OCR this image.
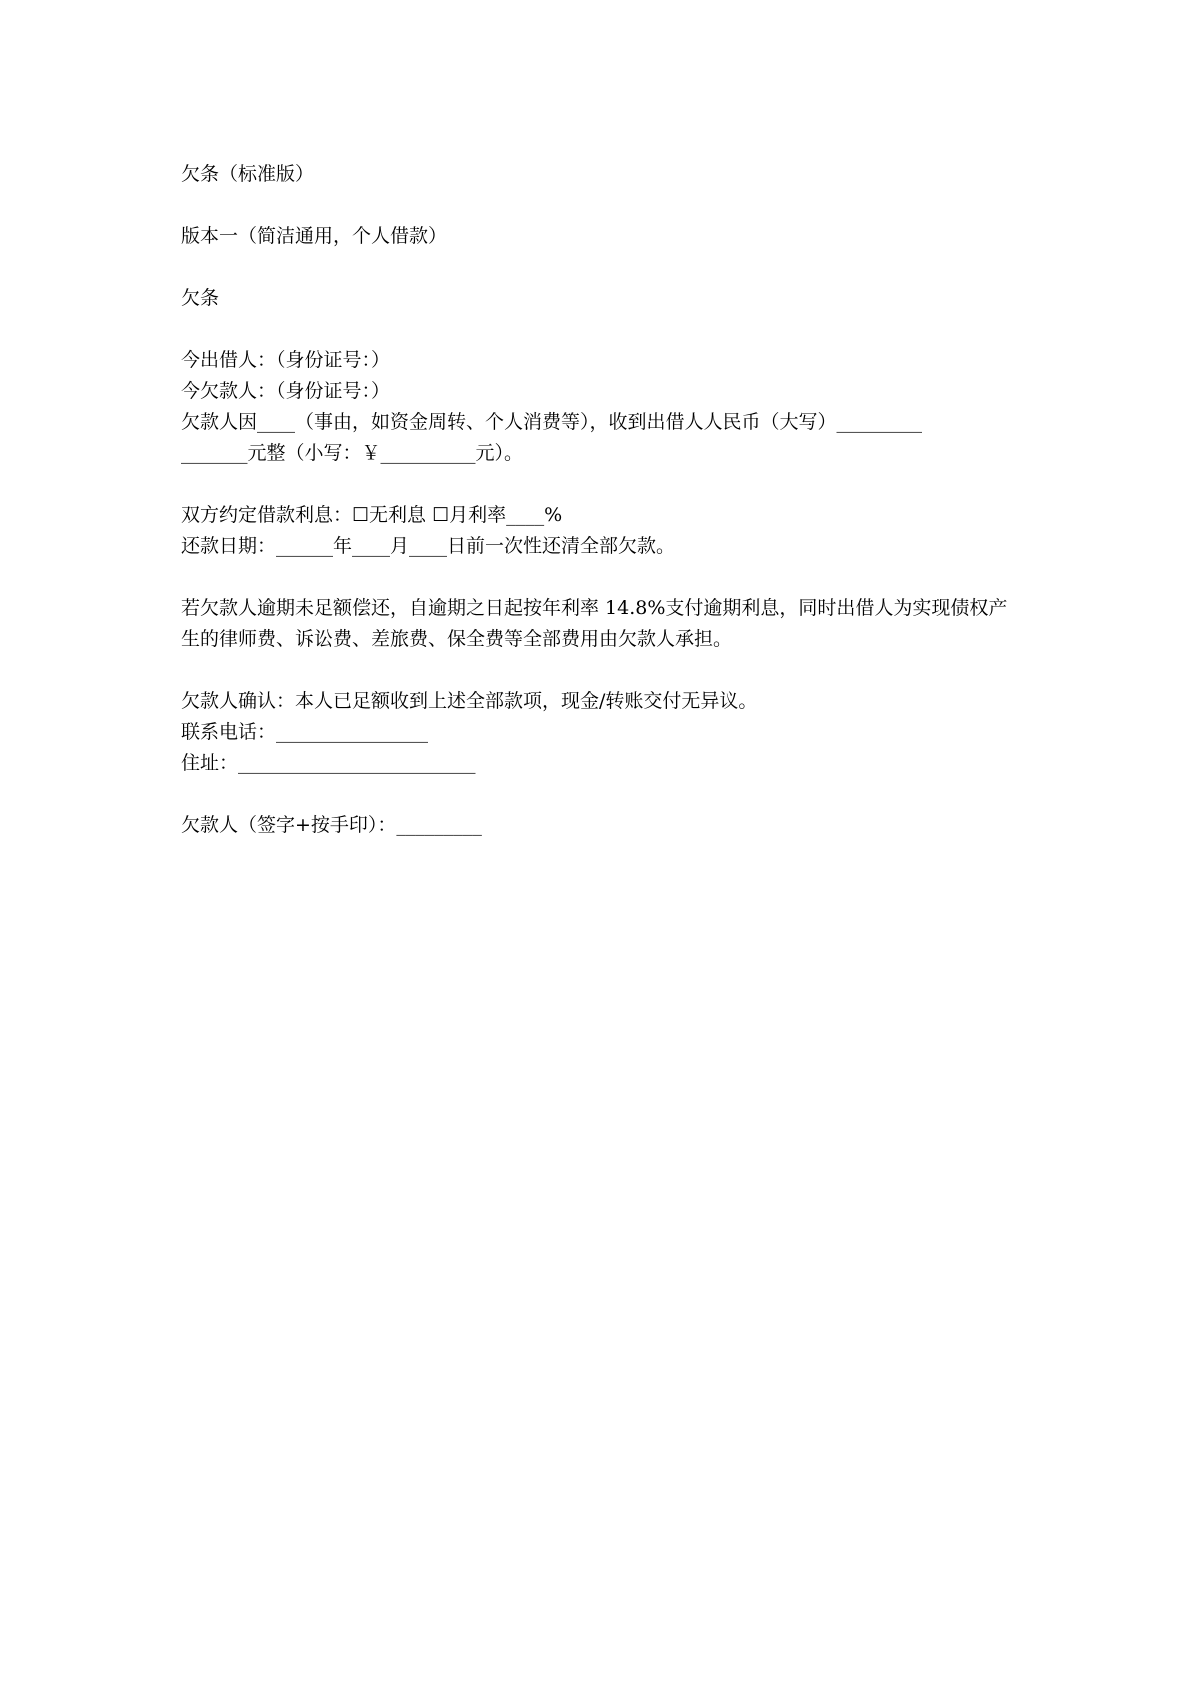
欠条（标准版）
版本一（简洁通用，个人借款）
欠条
今出借人：（身份证号：）
今欠款人：（身份证号：）
欠款人因____（事由，如资金周转、个人消费等），收到出借人人民币（大写）_________
_______元整（小写：￥__________元）。
双方约定借款利息：☐无利息 ☐月利率____%
还款日期：______年____月____日前一次性还清全部欠款。
若欠款人逾期未足额偿还，自逾期之日起按年利率 14.8%支付逾期利息，同时出借人为实现债权产生的律师费、诉讼费、差旅费、保全费等全部费用由欠款人承担。
欠款人确认：本人已足额收到上述全部款项，现金/转账交付无异议。
联系电话：________________
住址：_________________________
欠款人（签字+按手印）：_________
